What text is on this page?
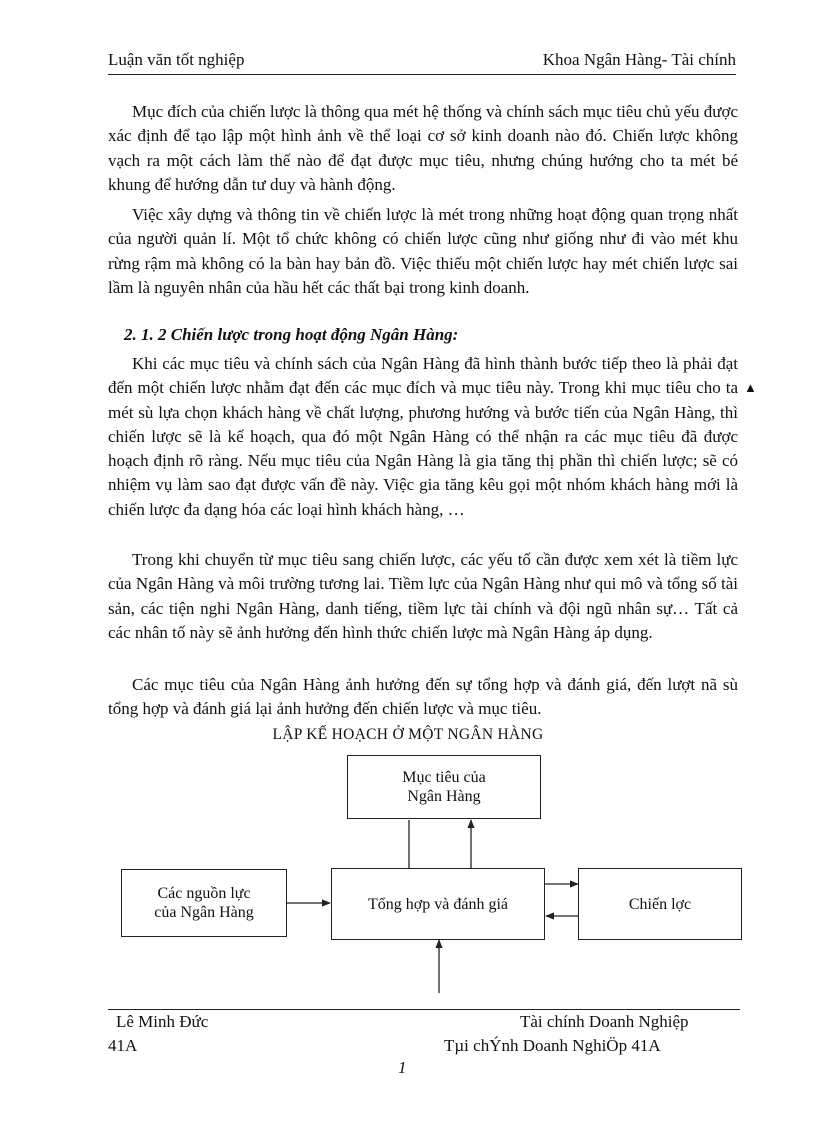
Luận văn tốt nghiệp	Khoa Ngân Hàng- Tài chính

Mục đích của chiến lược là thông qua mét hệ thống và chính sách mục tiêu chủ yếu được xác định để tạo lập một hình ảnh về thể loại cơ sở kinh doanh nào đó. Chiến lược không vạch ra một cách làm thế nào để đạt được mục tiêu, nhưng chúng hướng cho ta mét bé khung để hướng dẫn tư duy và hành động.

Việc xây dựng và thông tin về chiến lược là mét trong những hoạt động quan trọng nhất của người quản lí. Một tổ chức không có chiến lược cũng như giống như đi vào mét khu rừng rậm mà không có la bàn hay bản đồ. Việc thiếu một chiến lược hay mét chiến lược sai lầm là nguyên nhân của hầu hết các thất bại trong kinh doanh.

2. 1. 2 Chiến lược trong hoạt động Ngân Hàng:

Khi các mục tiêu và chính sách của Ngân Hàng đã hình thành bước tiếp theo là phải đạt đến một chiến lược nhằm đạt đến các mục đích và mục tiêu này. Trong khi mục tiêu cho ta mét sù lựa chọn khách hàng về chất lượng, phương hướng và bước tiến của Ngân Hàng, thì chiến lược sẽ là kế hoạch, qua đó một Ngân Hàng có thể nhận ra các mục tiêu đã được hoạch định rõ ràng. Nếu mục tiêu của Ngân Hàng là gia tăng thị phần thì chiến lược; sẽ có nhiệm vụ làm sao đạt được vấn đề này. Việc gia tăng kêu gọi một nhóm khách hàng mới là chiến lược đa dạng hóa các loại hình khách hàng, …

▲

Trong khi chuyển từ mục tiêu sang chiến lược, các yếu tố cần được xem xét là tiềm lực của Ngân Hàng và môi trường tương lai. Tiềm lực của Ngân Hàng như qui mô và tổng số tài sản, các tiện nghi Ngân Hàng, danh tiếng, tiềm lực tài chính và đội ngũ nhân sự… Tất cả các nhân tố này sẽ ảnh hưởng đến hình thức chiến lược mà Ngân Hàng áp dụng.

Các mục tiêu của Ngân Hàng ảnh hưởng đến sự tổng hợp và đánh giá, đến lượt nã sù tổng hợp và đánh giá lại ảnh hưởng đến chiến lược và mục tiêu.

LẬP KẾ HOẠCH Ở MỘT NGÂN HÀNG
Mục tiêu của
Ngân Hàng
Các nguồn lực
của Ngân Hàng	Tổng hợp và đánh giá	Chiến lợc
Lê Minh Đức	Tài chính Doanh Nghiệp
41A	Tµi chÝnh Doanh NghiÖp 41A
1
